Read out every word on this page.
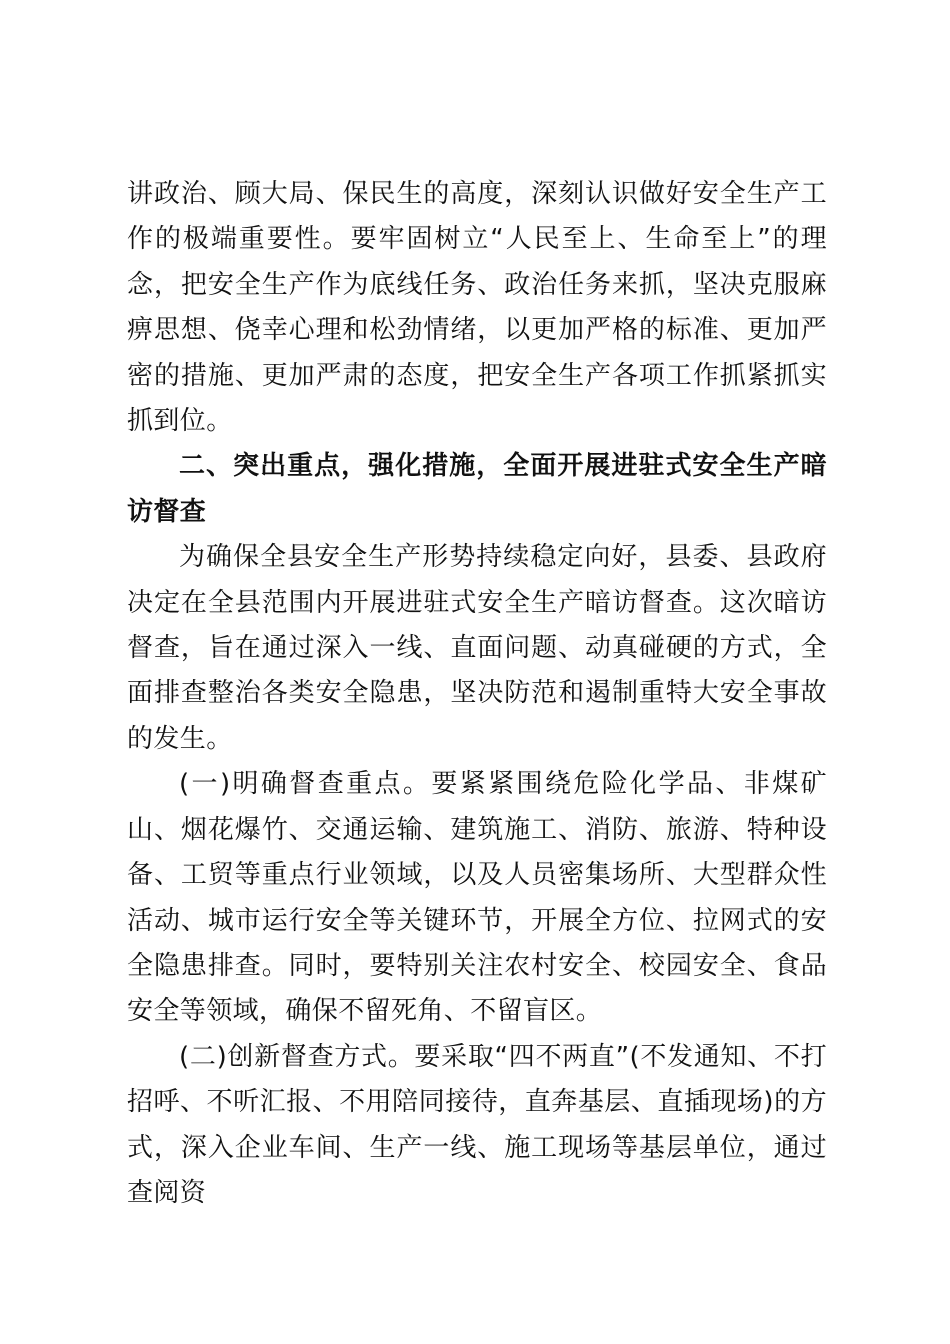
讲政治、顾大局、保民生的高度，深刻认识做好安全生产工作的极端重要性。要牢固树立“人民至上、生命至上”的理念，把安全生产作为底线任务、政治任务来抓，坚决克服麻痹思想、侥幸心理和松劲情绪，以更加严格的标准、更加严密的措施、更加严肃的态度，把安全生产各项工作抓紧抓实抓到位。

二、突出重点，强化措施，全面开展进驻式安全生产暗访督查

为确保全县安全生产形势持续稳定向好，县委、县政府决定在全县范围内开展进驻式安全生产暗访督查。这次暗访督查，旨在通过深入一线、直面问题、动真碰硬的方式，全面排查整治各类安全隐患，坚决防范和遏制重特大安全事故的发生。

(一)明确督查重点。要紧紧围绕危险化学品、非煤矿山、烟花爆竹、交通运输、建筑施工、消防、旅游、特种设备、工贸等重点行业领域，以及人员密集场所、大型群众性活动、城市运行安全等关键环节，开展全方位、拉网式的安全隐患排查。同时，要特别关注农村安全、校园安全、食品安全等领域，确保不留死角、不留盲区。

(二)创新督查方式。要采取“四不两直”(不发通知、不打招呼、不听汇报、不用陪同接待，直奔基层、直插现场)的方式，深入企业车间、生产一线、施工现场等基层单位，通过查阅资
